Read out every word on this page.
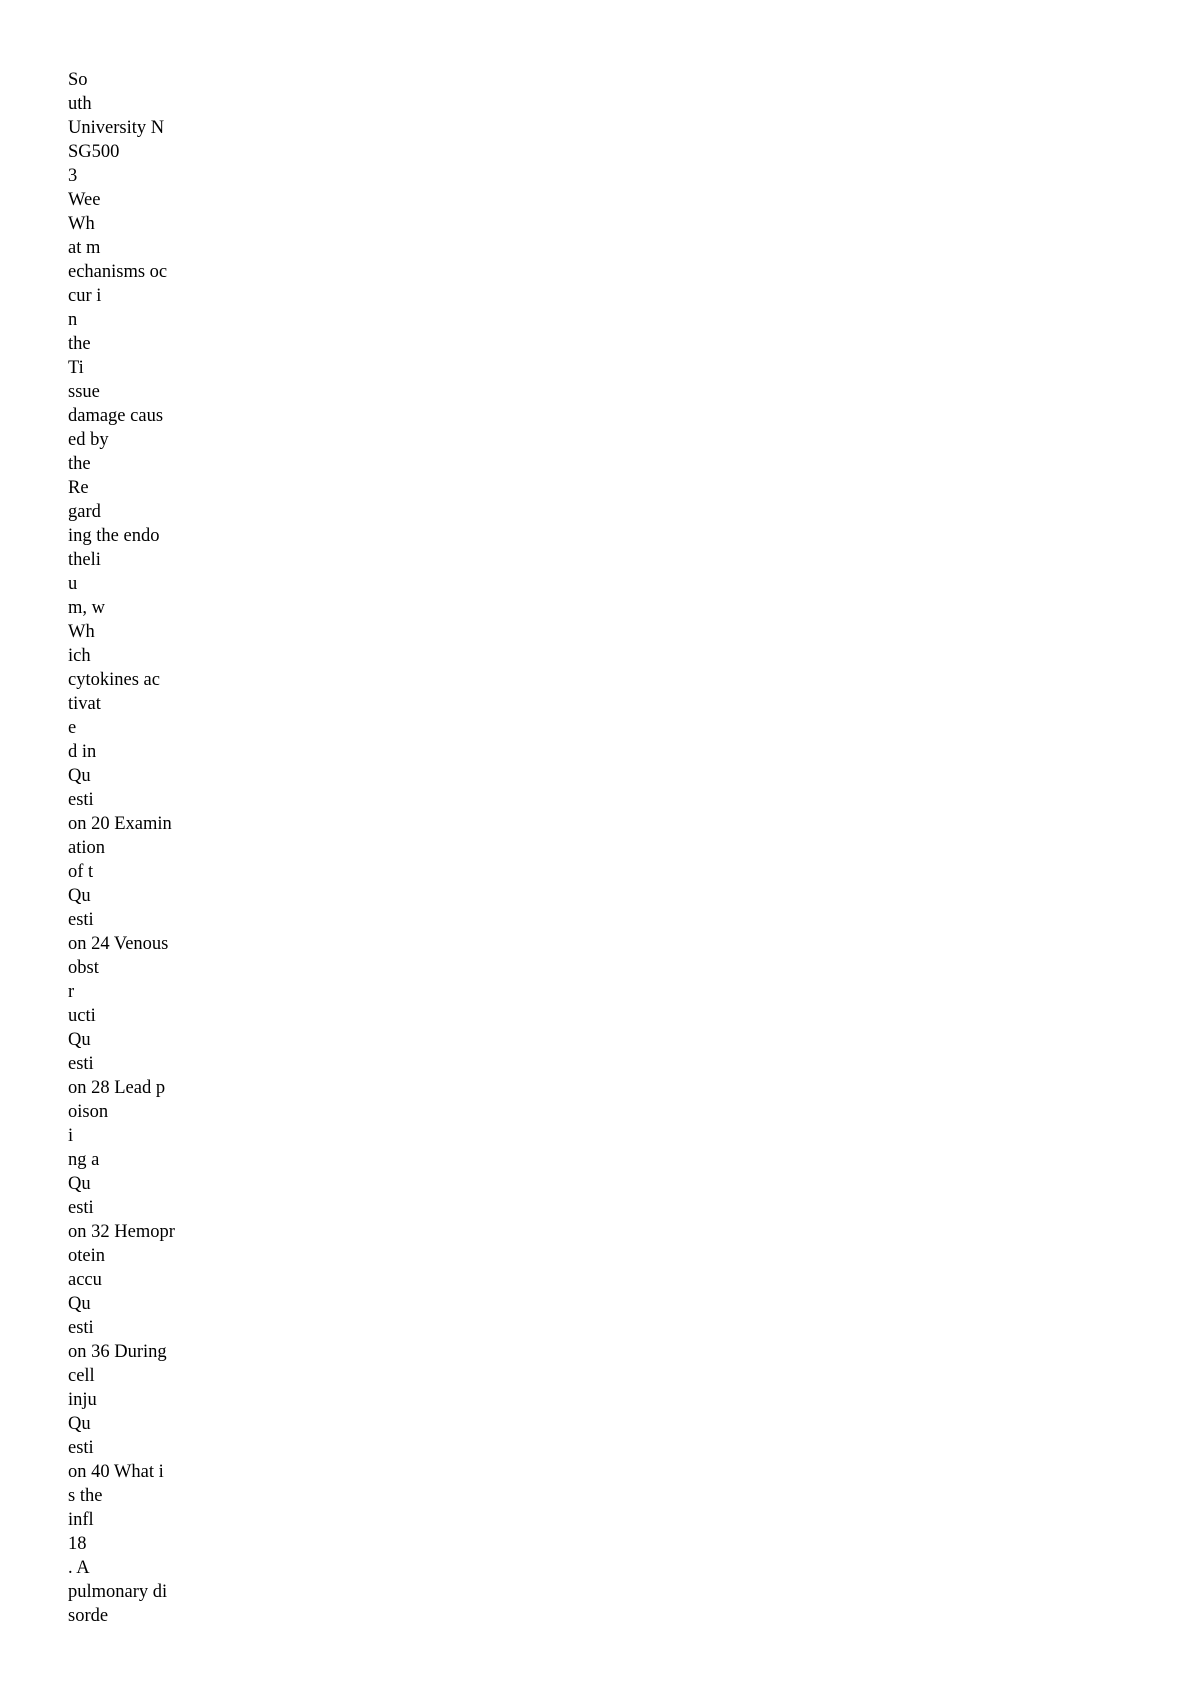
So
uth
University N
SG500
3
Wee
Wh
at m
echanisms oc
cur i
n
the
Ti
ssue
damage caus
ed by
the
Re
gard
ing the endo
theli
u
m, w
Wh
ich
cytokines ac
tivat
e
d in
Qu
esti
on 20 Examin
ation
of t
Qu
esti
on 24 Venous
obst
r
ucti
Qu
esti
on 28 Lead p
oison
i
ng a
Qu
esti
on 32 Hemopr
otein
accu
Qu
esti
on 36 During
cell
inju
Qu
esti
on 40 What i
s the
infl
18
. A
pulmonary di
sorde
